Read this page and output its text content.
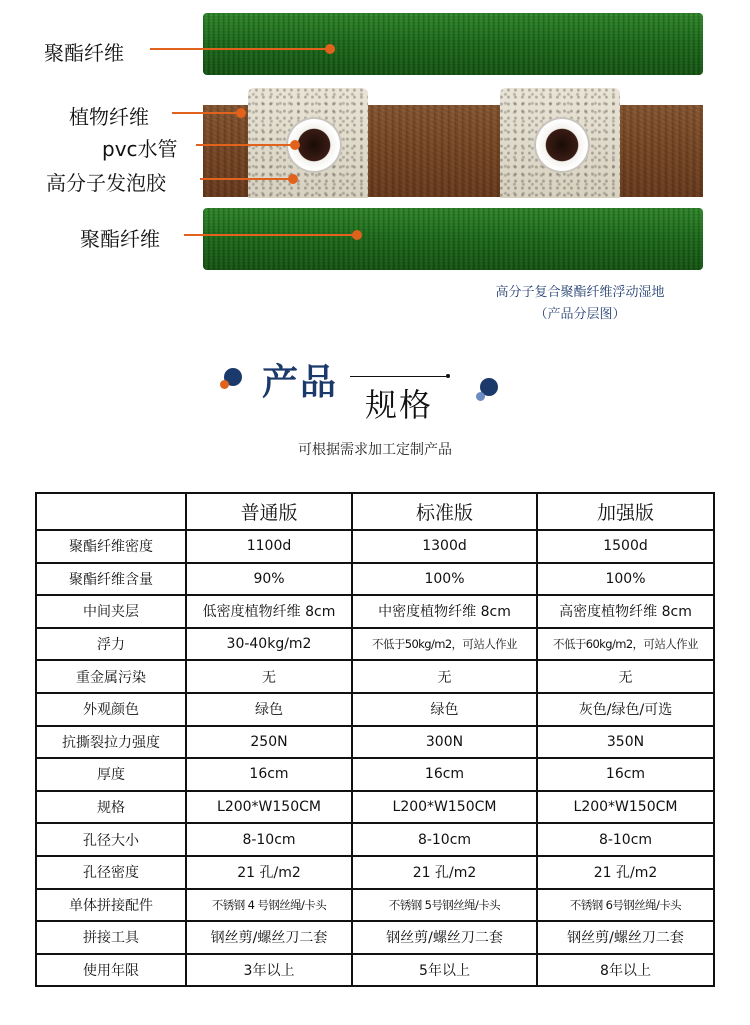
聚酯纤维
植物纤维
pvc水管
高分子发泡胶
聚酯纤维
高分子复合聚酯纤维浮动湿地
（产品分层图）
产品
规格
可根据需求加工定制产品
	普通版	标准版	加强版
聚酯纤维密度	1100d	1300d	1500d
聚酯纤维含量	90%	100%	100%
中间夹层	低密度植物纤维 8cm	中密度植物纤维 8cm	高密度植物纤维 8cm
浮力	30-40kg/m2	不低于50kg/m2，可站人作业	不低于60kg/m2，可站人作业
重金属污染	无	无	无
外观颜色	绿色	绿色	灰色/绿色/可选
抗撕裂拉力强度	250N	300N	350N
厚度	16cm	16cm	16cm
规格	L200*W150CM	L200*W150CM	L200*W150CM
孔径大小	8-10cm	8-10cm	8-10cm
孔径密度	21 孔/m2	21 孔/m2	21 孔/m2
单体拼接配件	不锈钢 4 号钢丝绳/卡头	不锈钢 5号钢丝绳/卡头	不锈钢 6号钢丝绳/卡头
拼接工具	钢丝剪/螺丝刀二套	钢丝剪/螺丝刀二套	钢丝剪/螺丝刀二套
使用年限	3年以上	5年以上	8年以上
